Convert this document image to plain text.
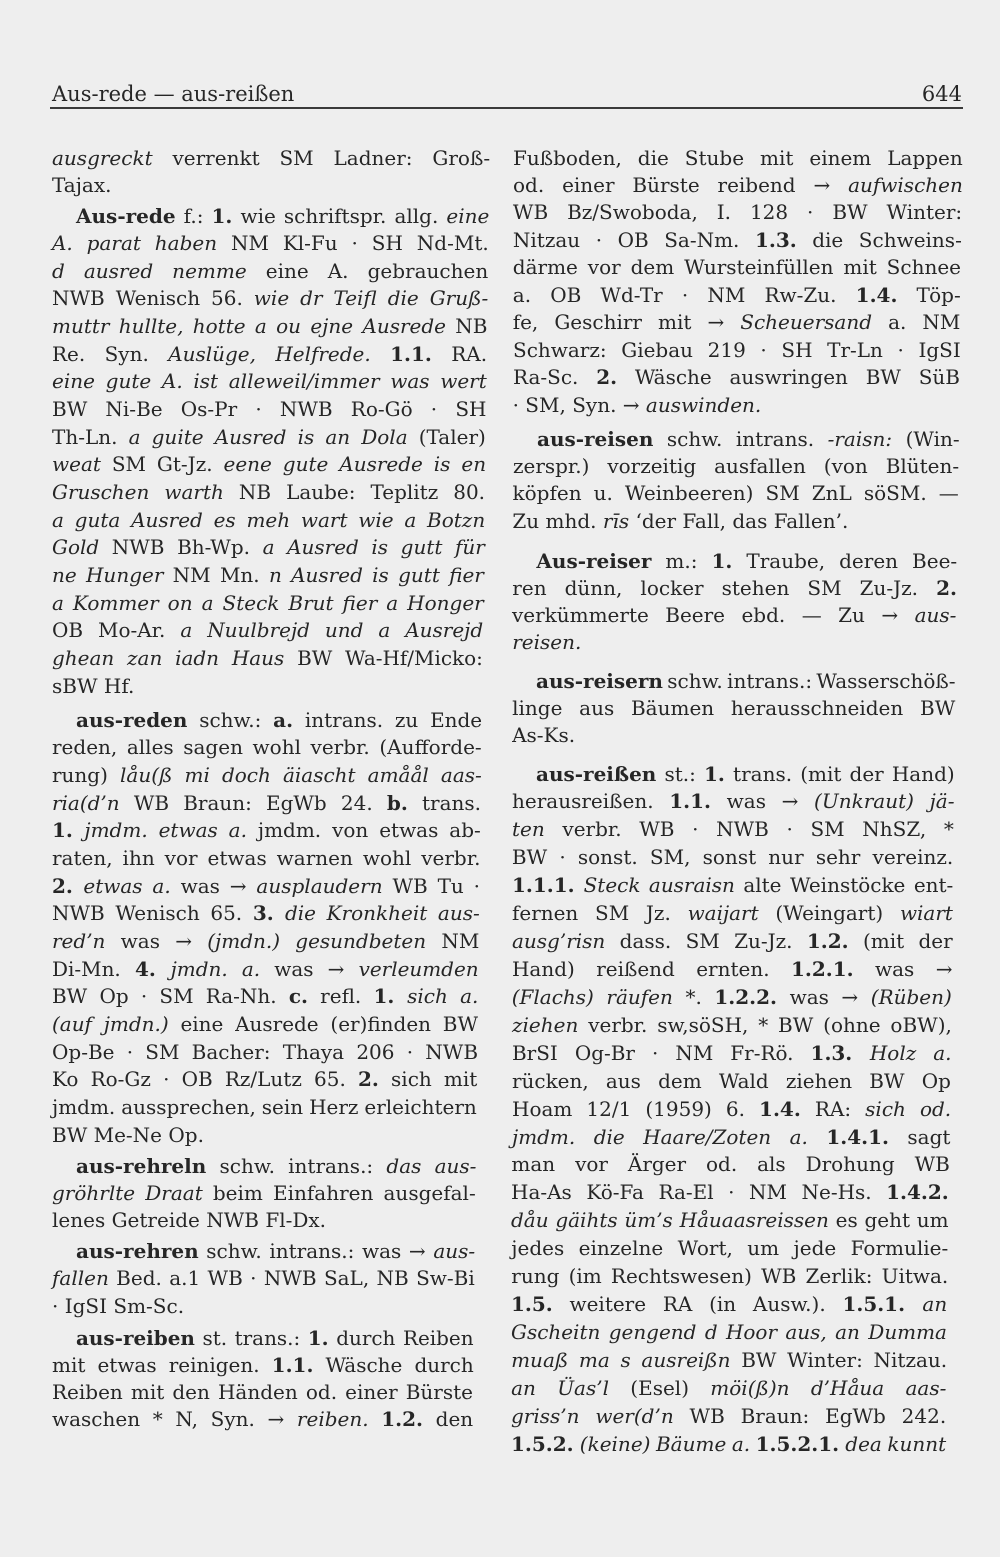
Aus-rede — aus-reißen	644
ausgreckt verrenkt SM Ladner: Groß-
Tajax.
Aus-rede f.: 1. wie schriftspr. allg. eine
A. parat haben NM Kl-Fu · SH Nd-Mt.
d ausred nemme eine A. gebrauchen
NWB Wenisch 56. wie dr Teifl die Gruß-
muttr hullte, hotte a ou ejne Ausrede NB
Re. Syn. Auslüge, Helfrede. 1.1. RA.
eine gute A. ist alleweil/immer was wert
BW Ni-Be Os-Pr · NWB Ro-Gö · SH
Th-Ln. a guite Ausred is an Dola (Taler)
weat SM Gt-Jz. eene gute Ausrede is en
Gruschen warth NB Laube: Teplitz 80.
a guta Ausred es meh wart wie a Botzn
Gold NWB Bh-Wp. a Ausred is gutt für
ne Hunger NM Mn. n Ausred is gutt fier
a Kommer on a Steck Brut fier a Honger
OB Mo-Ar. a Nuulbrejd und a Ausrejd
ghean zan iadn Haus BW Wa-Hf/Micko:
sBW Hf.
aus-reden schw.: a. intrans. zu Ende
reden, alles sagen wohl verbr. (Aufforde-
rung) låu(ß mi doch äiascht amåål aas-
ria(d’n WB Braun: EgWb 24. b. trans.
1. jmdm. etwas a. jmdm. von etwas ab-
raten, ihn vor etwas warnen wohl verbr.
2. etwas a. was → ausplaudern WB Tu ·
NWB Wenisch 65. 3. die Kronkheit aus-
red’n was → (jmdn.) gesundbeten NM
Di-Mn. 4. jmdn. a. was → verleumden
BW Op · SM Ra-Nh. c. refl. 1. sich a.
(auf jmdn.) eine Ausrede (er)finden BW
Op-Be · SM Bacher: Thaya 206 · NWB
Ko Ro-Gz · OB Rz/Lutz 65. 2. sich mit
jmdm. aussprechen, sein Herz erleichtern
BW Me-Ne Op.
aus-rehreln schw. intrans.: das aus-
gröhrlte Draat beim Einfahren ausgefal-
lenes Getreide NWB Fl-Dx.
aus-rehren schw. intrans.: was → aus-
fallen Bed. a.1 WB · NWB SaL, NB Sw-Bi
· IgSI Sm-Sc.
aus-reiben st. trans.: 1. durch Reiben
mit etwas reinigen. 1.1. Wäsche durch
Reiben mit den Händen od. einer Bürste
waschen * N, Syn. → reiben. 1.2. den
Fußboden, die Stube mit einem Lappen
od. einer Bürste reibend → aufwischen
WB Bz/Swoboda, I. 128 · BW Winter:
Nitzau · OB Sa-Nm. 1.3. die Schweins-
därme vor dem Wursteinfüllen mit Schnee
a. OB Wd-Tr · NM Rw-Zu. 1.4. Töp-
fe, Geschirr mit → Scheuersand a. NM
Schwarz: Giebau 219 · SH Tr-Ln · IgSI
Ra-Sc. 2. Wäsche auswringen BW SüB
· SM, Syn. → auswinden.
aus-reisen schw. intrans. -raisn: (Win-
zerspr.) vorzeitig ausfallen (von Blüten-
köpfen u. Weinbeeren) SM ZnL söSM. —
Zu mhd. rīs ‘der Fall, das Fallen’.
Aus-reiser m.: 1. Traube, deren Bee-
ren dünn, locker stehen SM Zu-Jz. 2.
verkümmerte Beere ebd. — Zu → aus-
reisen.
aus-reisern schw. intrans.: Wasserschöß-
linge aus Bäumen herausschneiden BW
As-Ks.
aus-reißen st.: 1. trans. (mit der Hand)
herausreißen. 1.1. was → (Unkraut) jä-
ten verbr. WB · NWB · SM NhSZ, *
BW · sonst. SM, sonst nur sehr vereinz.
1.1.1. Steck ausraisn alte Weinstöcke ent-
fernen SM Jz. waijart (Weingart) wiart
ausg’risn dass. SM Zu-Jz. 1.2. (mit der
Hand) reißend ernten. 1.2.1. was →
(Flachs) räufen *. 1.2.2. was → (Rüben)
ziehen verbr. sw,söSH, * BW (ohne oBW),
BrSI Og-Br · NM Fr-Rö. 1.3. Holz a.
rücken, aus dem Wald ziehen BW Op
Hoam 12/1 (1959) 6. 1.4. RA: sich od.
jmdm. die Haare/Zoten a. 1.4.1. sagt
man vor Ärger od. als Drohung WB
Ha-As Kö-Fa Ra-El · NM Ne-Hs. 1.4.2.
dåu gäihts üm’s Håuaasreissen es geht um
jedes einzelne Wort, um jede Formulie-
rung (im Rechtswesen) WB Zerlik: Uitwa.
1.5. weitere RA (in Ausw.). 1.5.1. an
Gscheitn gengend d Hoor aus, an Dumma
muaß ma s ausreißn BW Winter: Nitzau.
an Üas’l (Esel) möi(ß)n d’Håua aas-
griss’n wer(d’n WB Braun: EgWb 242.
1.5.2. (keine) Bäume a. 1.5.2.1. dea kunnt
